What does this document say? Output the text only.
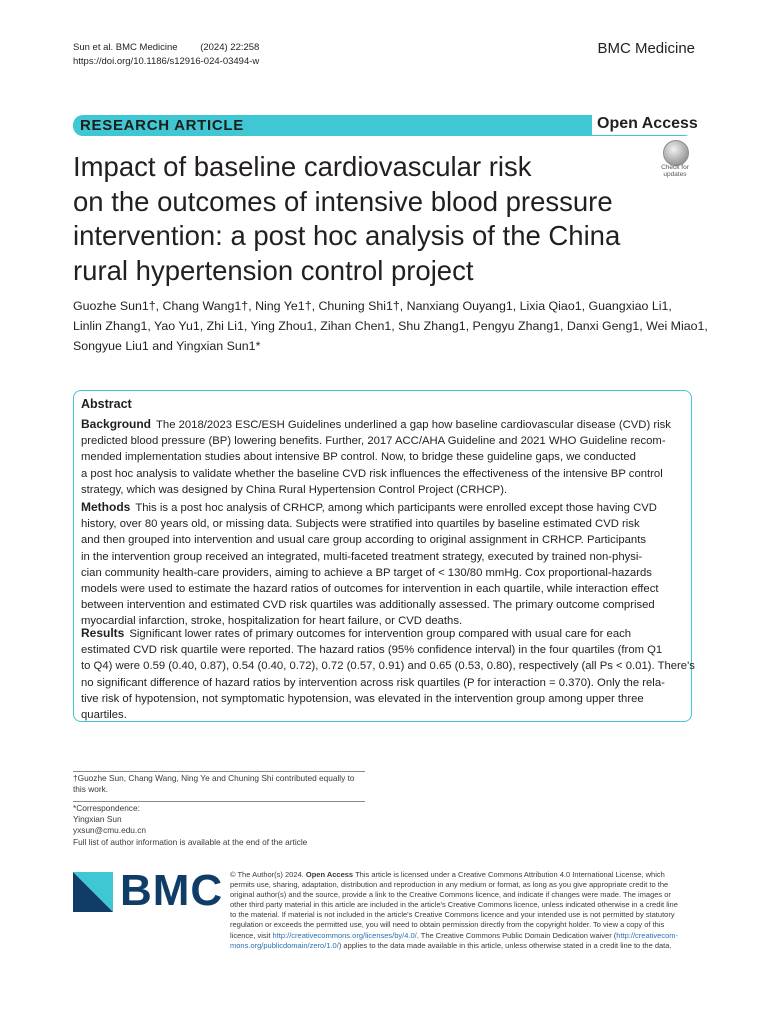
Sun et al. BMC Medicine (2024) 22:258
https://doi.org/10.1186/s12916-024-03494-w
BMC Medicine
RESEARCH ARTICLE	Open Access
Check for
updates
Impact of baseline cardiovascular risk
on the outcomes of intensive blood pressure
intervention: a post hoc analysis of the China
rural hypertension control project
Guozhe Sun1†, Chang Wang1†, Ning Ye1†, Chuning Shi1†, Nanxiang Ouyang1, Lixia Qiao1, Guangxiao Li1,
Linlin Zhang1, Yao Yu1, Zhi Li1, Ying Zhou1, Zihan Chen1, Shu Zhang1, Pengyu Zhang1, Danxi Geng1, Wei Miao1,
Songyue Liu1 and Yingxian Sun1*
Abstract
Background The 2018/2023 ESC/ESH Guidelines underlined a gap how baseline cardiovascular disease (CVD) risk
predicted blood pressure (BP) lowering benefits. Further, 2017 ACC/AHA Guideline and 2021 WHO Guideline recom-
mended implementation studies about intensive BP control. Now, to bridge these guideline gaps, we conducted
a post hoc analysis to validate whether the baseline CVD risk influences the effectiveness of the intensive BP control
strategy, which was designed by China Rural Hypertension Control Project (CRHCP).
Methods This is a post hoc analysis of CRHCP, among which participants were enrolled except those having CVD
history, over 80 years old, or missing data. Subjects were stratified into quartiles by baseline estimated CVD risk
and then grouped into intervention and usual care group according to original assignment in CRHCP. Participants
in the intervention group received an integrated, multi-faceted treatment strategy, executed by trained non-physi-
cian community health-care providers, aiming to achieve a BP target of < 130/80 mmHg. Cox proportional-hazards
models were used to estimate the hazard ratios of outcomes for intervention in each quartile, while interaction effect
between intervention and estimated CVD risk quartiles was additionally assessed. The primary outcome comprised
myocardial infarction, stroke, hospitalization for heart failure, or CVD deaths.
Results Significant lower rates of primary outcomes for intervention group compared with usual care for each
estimated CVD risk quartile were reported. The hazard ratios (95% confidence interval) in the four quartiles (from Q1
to Q4) were 0.59 (0.40, 0.87), 0.54 (0.40, 0.72), 0.72 (0.57, 0.91) and 0.65 (0.53, 0.80), respectively (all Ps < 0.01). There's
no significant difference of hazard ratios by intervention across risk quartiles (P for interaction = 0.370). Only the rela-
tive risk of hypotension, not symptomatic hypotension, was elevated in the intervention group among upper three
quartiles.
†Guozhe Sun, Chang Wang, Ning Ye and Chuning Shi contributed equally to
this work.
*Correspondence:
Yingxian Sun
yxsun@cmu.edu.cn
Full list of author information is available at the end of the article
BMC © The Author(s) 2024. Open Access This article is licensed under a Creative Commons Attribution 4.0 International License, which
permits use, sharing, adaptation, distribution and reproduction in any medium or format, as long as you give appropriate credit to the
original author(s) and the source, provide a link to the Creative Commons licence, and indicate if changes were made. The images or
other third party material in this article are included in the article's Creative Commons licence, unless indicated otherwise in a credit line
to the material. If material is not included in the article's Creative Commons licence and your intended use is not permitted by statutory
regulation or exceeds the permitted use, you will need to obtain permission directly from the copyright holder. To view a copy of this
licence, visit http://creativecommons.org/licenses/by/4.0/. The Creative Commons Public Domain Dedication waiver (http://creativecom-
mons.org/publicdomain/zero/1.0/) applies to the data made available in this article, unless otherwise stated in a credit line to the data.
